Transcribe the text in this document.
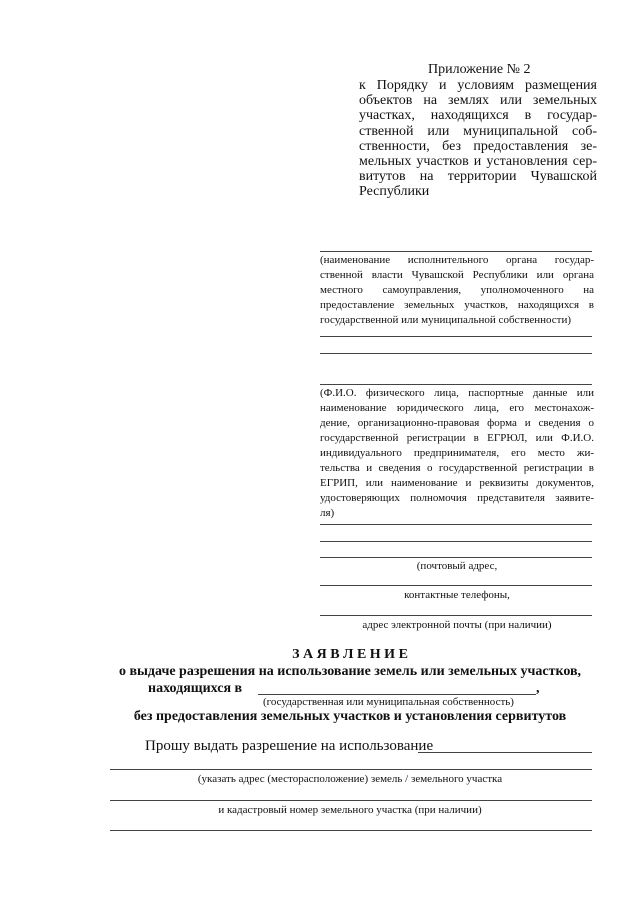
Приложение № 2
к Порядку и условиям размещения
объектов на землях или земельных
участках, находящихся в государ-
ственной или муниципальной соб-
ственности, без предоставления зе-
мельных участков и установления сер-
витутов на территории Чувашской
Республики
(наименование исполнительного органа государ-
ственной власти Чувашской Республики или органа
местного самоуправления, уполномоченного на
предоставление земельных участков, находящихся в
государственной или муниципальной собственности)
(Ф.И.О. физического лица, паспортные данные или
наименование юридического лица, его местонахож-
дение, организационно-правовая форма и сведения о
государственной регистрации в ЕГРЮЛ, или Ф.И.О.
индивидуального предпринимателя, его место жи-
тельства и сведения о государственной регистрации в
ЕГРИП, или наименование и реквизиты документов,
удостоверяющих полномочия представителя заявите-
ля)
(почтовый адрес,
контактные телефоны,
адрес электронной почты (при наличии)
З А Я В Л Е Н И Е
о выдаче разрешения на использование земель или земельных участков,
находящихся в	,
(государственная или муниципальная собственность)
без предоставления земельных участков и установления сервитутов
Прошу выдать разрешение на использование
(указать адрес (месторасположение) земель / земельного участка
и кадастровый номер земельного участка (при наличии)
